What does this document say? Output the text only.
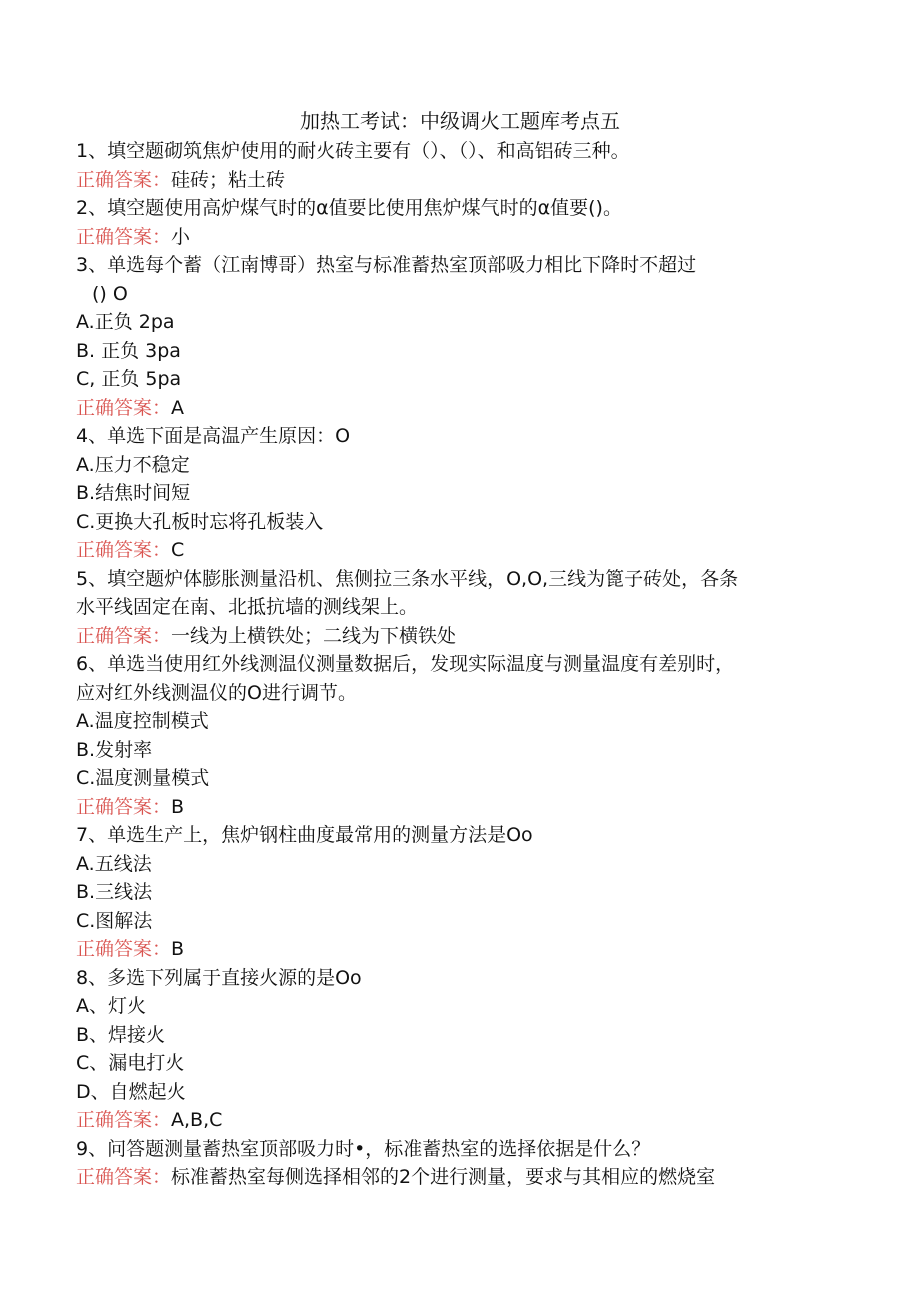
加热工考试：中级调火工题库考点五
1、填空题砌筑焦炉使用的耐火砖主要有（）、（）、和高铝砖三种。
正确答案：硅砖；粘土砖
2、填空题使用高炉煤气时的α值要比使用焦炉煤气时的α值要()。
正确答案：小
3、单选每个蓄（江南博哥）热室与标准蓄热室顶部吸力相比下降时不超过
() O
A.正负 2pa
B. 正负 3pa
C, 正负 5pa
正确答案：A
4、单选下面是高温产生原因：O
A.压力不稳定
B.结焦时间短
C.更换大孔板时忘将孔板装入
正确答案：C
5、填空题炉体膨胀测量沿机、焦侧拉三条水平线，O,O,三线为篦子砖处，各条
水平线固定在南、北抵抗墙的测线架上。
正确答案：一线为上横铁处；二线为下横铁处
6、单选当使用红外线测温仪测量数据后，发现实际温度与测量温度有差别时，
应对红外线测温仪的O进行调节。
A.温度控制模式
B.发射率
C.温度测量模式
正确答案：B
7、单选生产上，焦炉钢柱曲度最常用的测量方法是Oo
A.五线法
B.三线法
C.图解法
正确答案：B
8、多选下列属于直接火源的是Oo
A、灯火
B、焊接火
C、漏电打火
D、自燃起火
正确答案：A,B,C
9、问答题测量蓄热室顶部吸力时•，标准蓄热室的选择依据是什么？
正确答案：标准蓄热室每侧选择相邻的2个进行测量，要求与其相应的燃烧室
